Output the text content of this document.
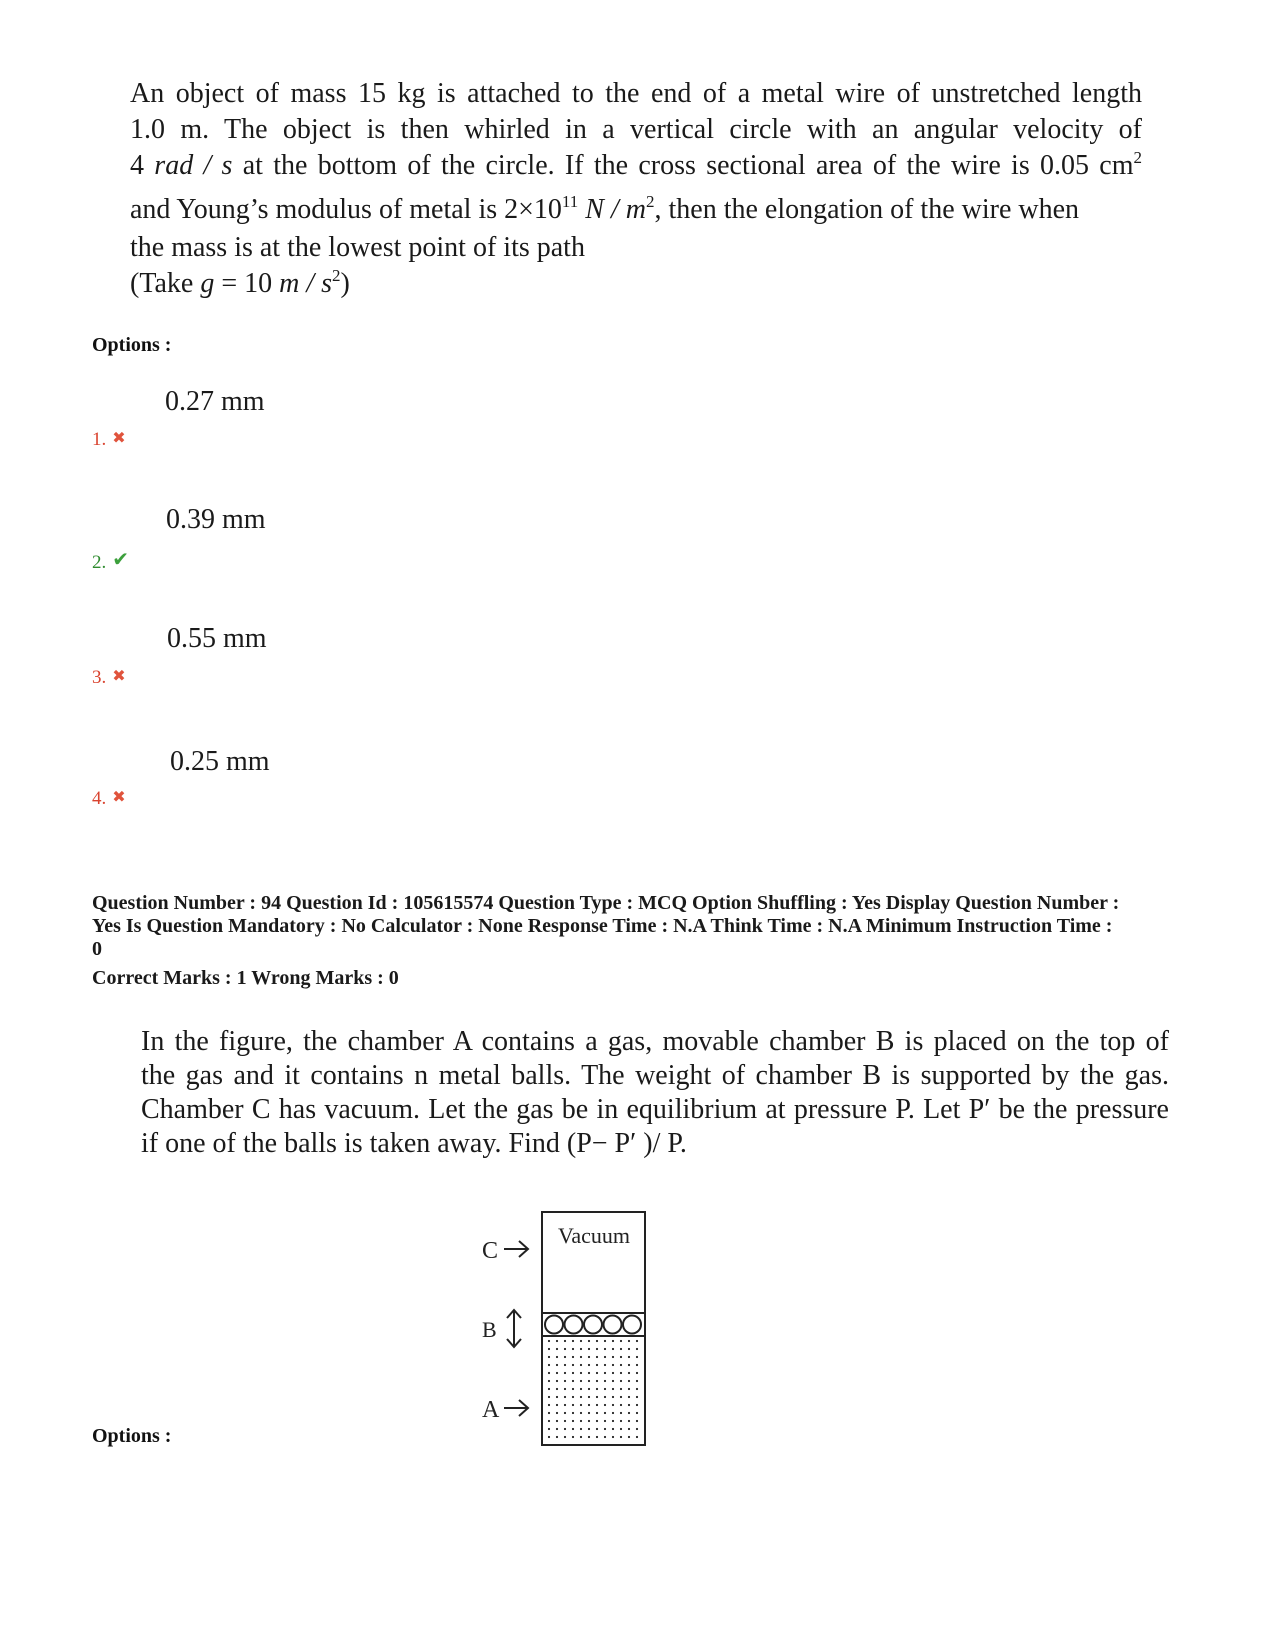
An object of mass 15 kg is attached to the end of a metal wire of unstretched length
1.0 m. The object is then whirled in a vertical circle with an angular velocity of
4 rad / s at the bottom of the circle. If the cross sectional area of the wire is 0.05 $cm^2$
and Young’s modulus of metal is $2\times 10^{11}$ N / $m^2$, then the elongation of the wire when
the mass is at the lowest point of its path
(Take g = 10 m / $s^2$)
Options :
0.27 mm
1. ✖
0.39 mm
2. ✔
0.55 mm
3. ✖
0.25 mm
4. ✖
Question Number : 94 Question Id : 105615574 Question Type : MCQ Option Shuffling : Yes Display Question Number :
Yes Is Question Mandatory : No Calculator : None Response Time : N.A Think Time : N.A Minimum Instruction Time :
0
Correct Marks : 1 Wrong Marks : 0
In the figure, the chamber A contains a gas, movable chamber B is placed on the top of
the gas and it contains n metal balls. The weight of chamber B is supported by the gas.
Chamber C has vacuum. Let the gas be in equilibrium at pressure P. Let P′ be the pressure
if one of the balls is taken away. Find (P− P′ )/ P.
Vacuum
C
B
A
Options :
